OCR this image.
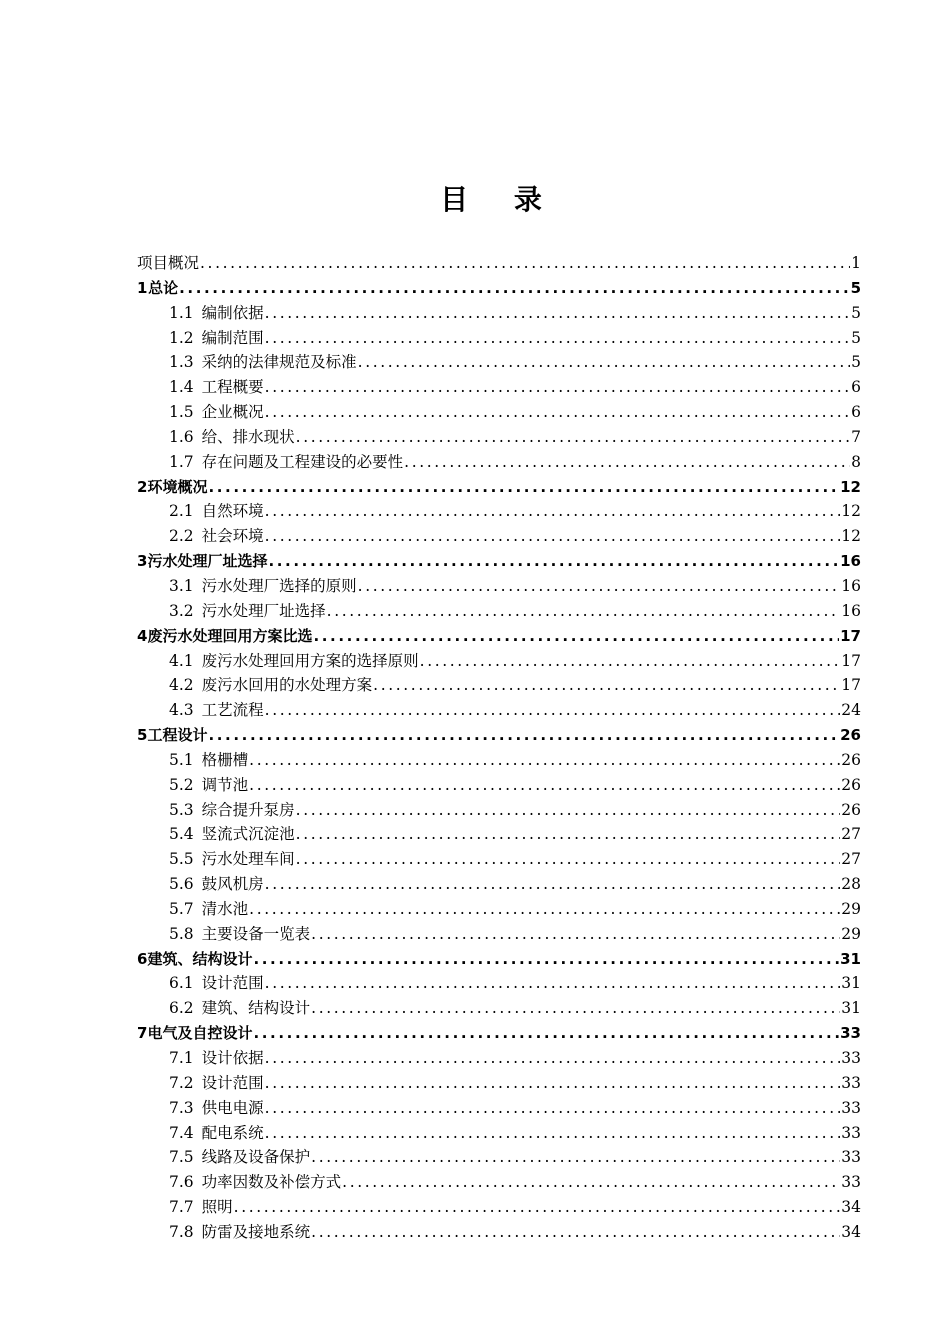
目 录
项目概况 .....	1
1 总论 .....	5
1.1 编制依据 .....	5
1.2 编制范围 .....	5
1.3 采纳的法律规范及标准 .....	5
1.4 工程概要 .....	6
1.5 企业概况 .....	6
1.6 给、排水现状 .....	7
1.7 存在问题及工程建设的必要性 .....	8
2 环境概况 .....	12
2.1 自然环境 .....	12
2.2 社会环境 .....	12
3 污水处理厂址选择 .....	16
3.1 污水处理厂选择的原则 .....	16
3.2 污水处理厂址选择 .....	16
4 废污水处理回用方案比选 .....	17
4.1 废污水处理回用方案的选择原则 .....	17
4.2 废污水回用的水处理方案 .....	17
4.3 工艺流程 .....	24
5 工程设计 .....	26
5.1 格栅槽 .....	26
5.2 调节池 .....	26
5.3 综合提升泵房 .....	26
5.4 竖流式沉淀池 .....	27
5.5 污水处理车间 .....	27
5.6 鼓风机房 .....	28
5.7 清水池 .....	29
5.8 主要设备一览表 .....	29
6 建筑、结构设计 .....	31
6.1 设计范围 .....	31
6.2 建筑、结构设计 .....	31
7 电气及自控设计 .....	33
7.1 设计依据 .....	33
7.2 设计范围 .....	33
7.3 供电电源 .....	33
7.4 配电系统 .....	33
7.5 线路及设备保护 .....	33
7.6 功率因数及补偿方式 .....	33
7.7 照明 .....	34
7.8 防雷及接地系统 .....	34
